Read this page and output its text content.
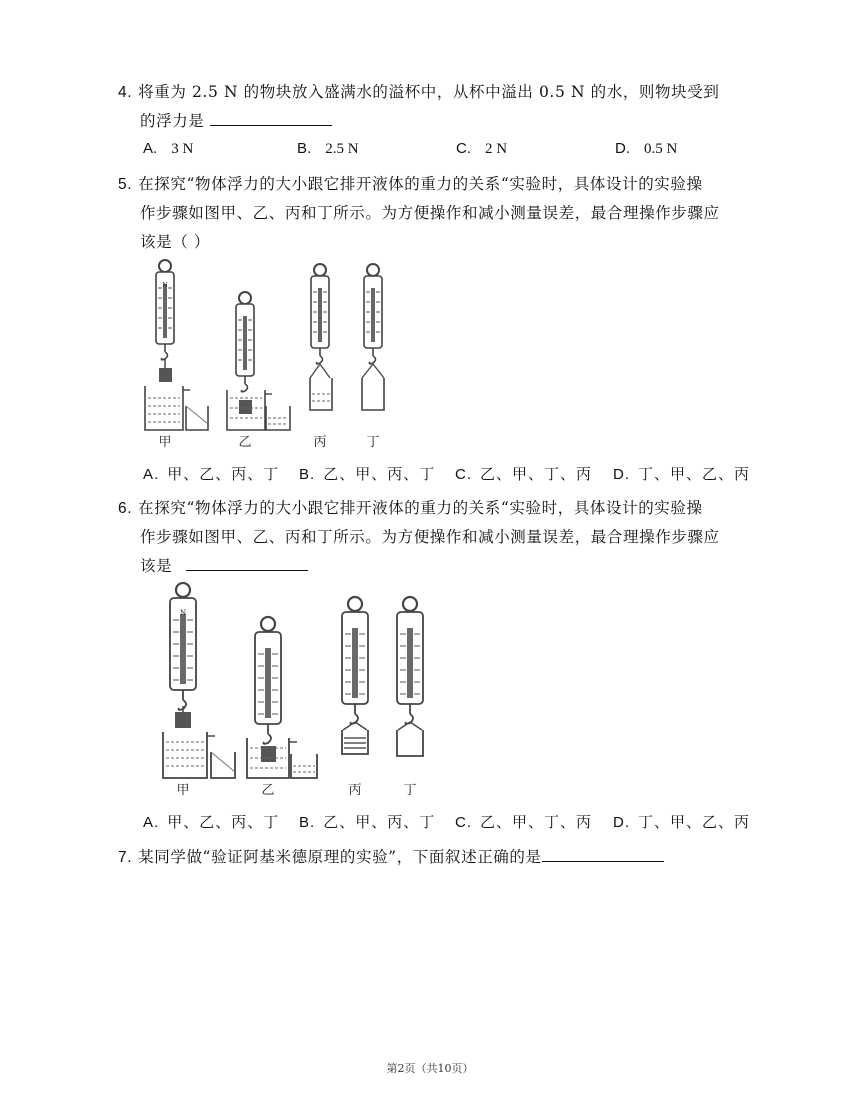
4. 将重为 2.5 N 的物块放入盛满水的溢杯中，从杯中溢出 0.5 N 的水，则物块受到
的浮力是
A. 3 N	B. 2.5 N	C. 2 N	D. 0.5 N
5. 在探究“物体浮力的大小跟它排开液体的重力的关系“实验时，具体设计的实验操
作步骤如图甲、乙、丙和丁所示。为方便操作和减小测量误差，最合理操作步骤应
该是（ ）
N
甲	乙	丙	丁
A. 甲、乙、丙、丁 B. 乙、甲、丙、丁 C. 乙、甲、丁、丙 D. 丁、甲、乙、丙
6. 在探究“物体浮力的大小跟它排开液体的重力的关系“实验时，具体设计的实验操
作步骤如图甲、乙、丙和丁所示。为方便操作和减小测量误差，最合理操作步骤应
该是
N
甲	乙	丙	丁
A. 甲、乙、丙、丁 B. 乙、甲、丙、丁 C. 乙、甲、丁、丙 D. 丁、甲、乙、丙
7. 某同学做“验证阿基米德原理的实验”，下面叙述正确的是
第2页（共10页）
